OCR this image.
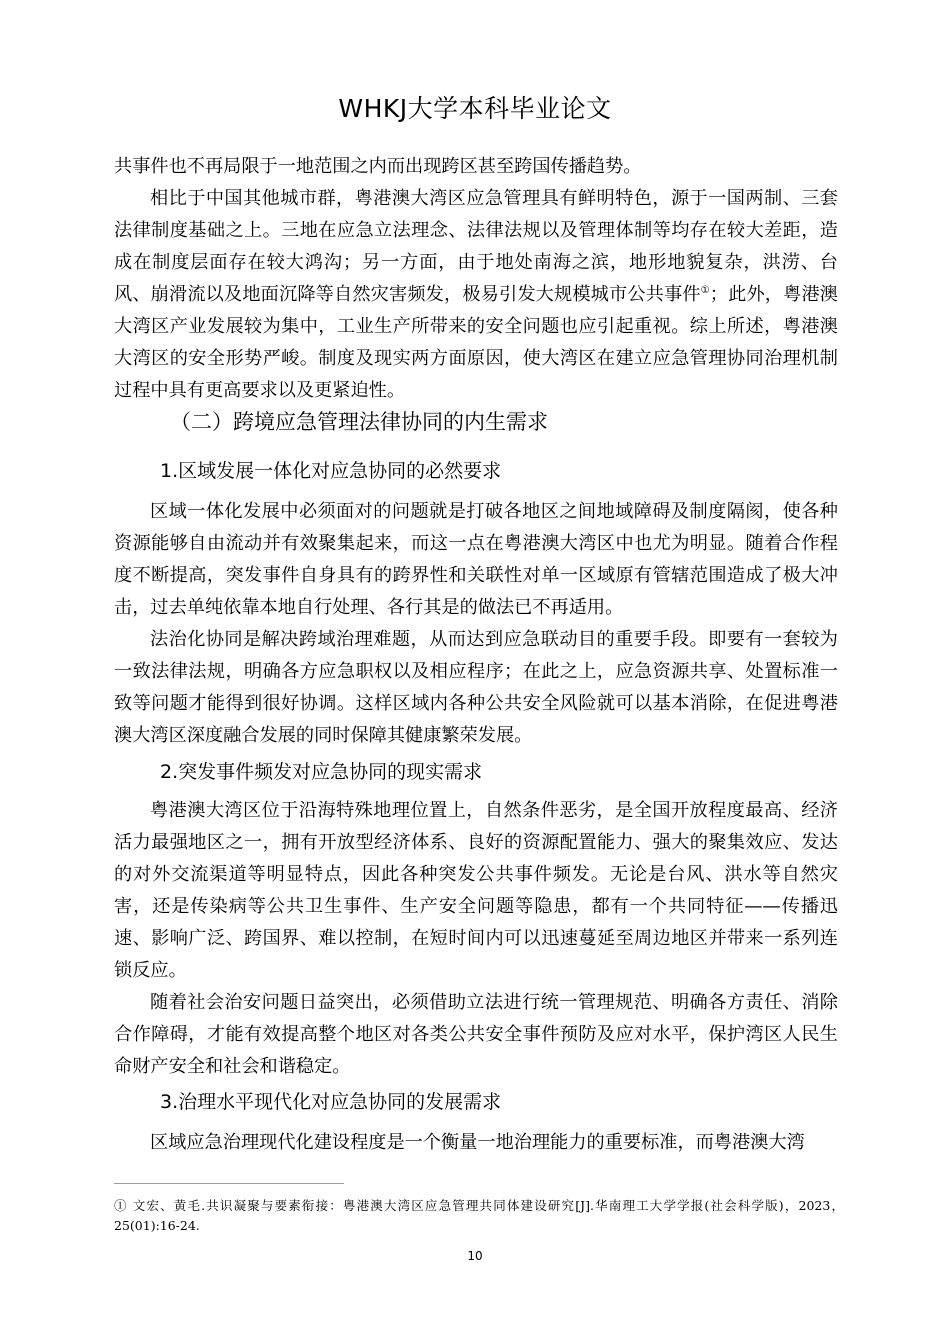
WHKJ大学本科毕业论文

共事件也不再局限于一地范围之内而出现跨区甚至跨国传播趋势。

相比于中国其他城市群，粤港澳大湾区应急管理具有鲜明特色，源于一国两制、三套法律制度基础之上。三地在应急立法理念、法律法规以及管理体制等均存在较大差距，造成在制度层面存在较大鸿沟；另一方面，由于地处南海之滨，地形地貌复杂，洪涝、台风、崩滑流以及地面沉降等自然灾害频发，极易引发大规模城市公共事件①；此外，粤港澳大湾区产业发展较为集中，工业生产所带来的安全问题也应引起重视。综上所述，粤港澳大湾区的安全形势严峻。制度及现实两方面原因，使大湾区在建立应急管理协同治理机制过程中具有更高要求以及更紧迫性。

（二）跨境应急管理法律协同的内生需求
1.区域发展一体化对应急协同的必然要求

区域一体化发展中必须面对的问题就是打破各地区之间地域障碍及制度隔阂，使各种资源能够自由流动并有效聚集起来，而这一点在粤港澳大湾区中也尤为明显。随着合作程度不断提高，突发事件自身具有的跨界性和关联性对单一区域原有管辖范围造成了极大冲击，过去单纯依靠本地自行处理、各行其是的做法已不再适用。

法治化协同是解决跨域治理难题，从而达到应急联动目的重要手段。即要有一套较为一致法律法规，明确各方应急职权以及相应程序；在此之上，应急资源共享、处置标准一致等问题才能得到很好协调。这样区域内各种公共安全风险就可以基本消除，在促进粤港澳大湾区深度融合发展的同时保障其健康繁荣发展。

2.突发事件频发对应急协同的现实需求

粤港澳大湾区位于沿海特殊地理位置上，自然条件恶劣，是全国开放程度最高、经济活力最强地区之一，拥有开放型经济体系、良好的资源配置能力、强大的聚集效应、发达的对外交流渠道等明显特点，因此各种突发公共事件频发。无论是台风、洪水等自然灾害，还是传染病等公共卫生事件、生产安全问题等隐患，都有一个共同特征——传播迅速、影响广泛、跨国界、难以控制，在短时间内可以迅速蔓延至周边地区并带来一系列连锁反应。

随着社会治安问题日益突出，必须借助立法进行统一管理规范、明确各方责任、消除合作障碍，才能有效提高整个地区对各类公共安全事件预防及应对水平，保护湾区人民生命财产安全和社会和谐稳定。

3.治理水平现代化对应急协同的发展需求

区域应急治理现代化建设程度是一个衡量一地治理能力的重要标准，而粤港澳大湾

① 文宏、黄毛.共识凝聚与要素衔接：粤港澳大湾区应急管理共同体建设研究[J].华南理工大学学报(社会科学版)，2023，25(01):16-24.
10
